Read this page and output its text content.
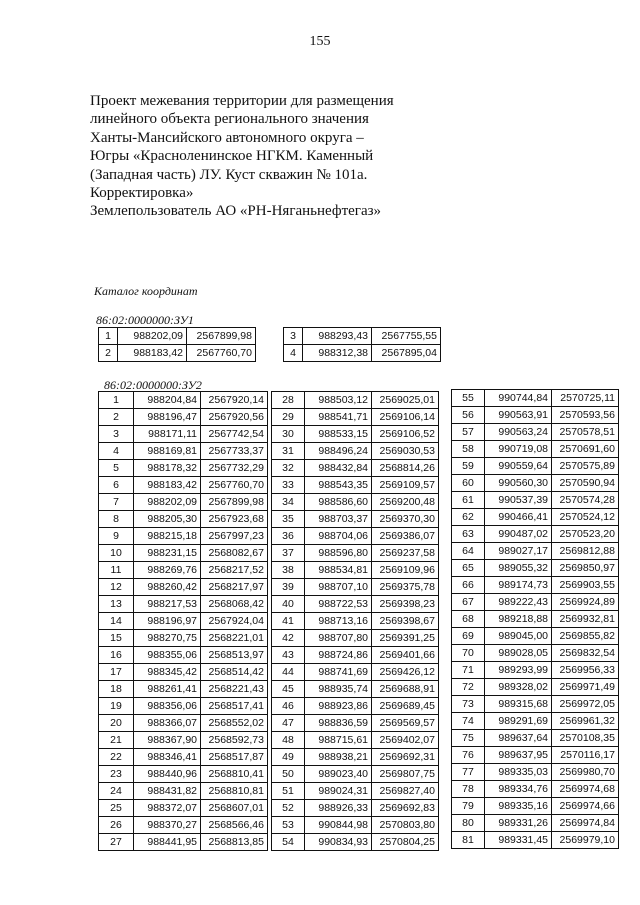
155
Проект межевания территории для размещения
линейного объекта регионального значения
Ханты-Мансийского автономного округа –
Югры «Красноленинское НГКМ. Каменный
(Западная часть) ЛУ. Куст скважин № 101а.
Корректировка»
Землепользователь АО «РН-Няганьнефтегаз»
Каталог координат
86:02:0000000:ЗУ1
86:02:0000000:ЗУ2
1	988202,09	2567899,98
2	988183,42	2567760,70
3	988293,43	2567755,55
4	988312,38	2567895,04
1	988204,84	2567920,14
2	988196,47	2567920,56
3	988171,11	2567742,54
4	988169,81	2567733,37
5	988178,32	2567732,29
6	988183,42	2567760,70
7	988202,09	2567899,98
8	988205,30	2567923,68
9	988215,18	2567997,23
10	988231,15	2568082,67
11	988269,76	2568217,52
12	988260,42	2568217,97
13	988217,53	2568068,42
14	988196,97	2567924,04
15	988270,75	2568221,01
16	988355,06	2568513,97
17	988345,42	2568514,42
18	988261,41	2568221,43
19	988356,06	2568517,41
20	988366,07	2568552,02
21	988367,90	2568592,73
22	988346,41	2568517,87
23	988440,96	2568810,41
24	988431,82	2568810,81
25	988372,07	2568607,01
26	988370,27	2568566,46
27	988441,95	2568813,85
28	988503,12	2569025,01
29	988541,71	2569106,14
30	988533,15	2569106,52
31	988496,24	2569030,53
32	988432,84	2568814,26
33	988543,35	2569109,57
34	988586,60	2569200,48
35	988703,37	2569370,30
36	988704,06	2569386,07
37	988596,80	2569237,58
38	988534,81	2569109,96
39	988707,10	2569375,78
40	988722,53	2569398,23
41	988713,16	2569398,67
42	988707,80	2569391,25
43	988724,86	2569401,66
44	988741,69	2569426,12
45	988935,74	2569688,91
46	988923,86	2569689,45
47	988836,59	2569569,57
48	988715,61	2569402,07
49	988938,21	2569692,31
50	989023,40	2569807,75
51	989024,31	2569827,40
52	988926,33	2569692,83
53	990844,98	2570803,80
54	990834,93	2570804,25
55	990744,84	2570725,11
56	990563,91	2570593,56
57	990563,24	2570578,51
58	990719,08	2570691,60
59	990559,64	2570575,89
60	990560,30	2570590,94
61	990537,39	2570574,28
62	990466,41	2570524,12
63	990487,02	2570523,20
64	989027,17	2569812,88
65	989055,32	2569850,97
66	989174,73	2569903,55
67	989222,43	2569924,89
68	989218,88	2569932,81
69	989045,00	2569855,82
70	989028,05	2569832,54
71	989293,99	2569956,33
72	989328,02	2569971,49
73	989315,68	2569972,05
74	989291,69	2569961,32
75	989637,64	2570108,35
76	989637,95	2570116,17
77	989335,03	2569980,70
78	989334,76	2569974,68
79	989335,16	2569974,66
80	989331,26	2569974,84
81	989331,45	2569979,10
